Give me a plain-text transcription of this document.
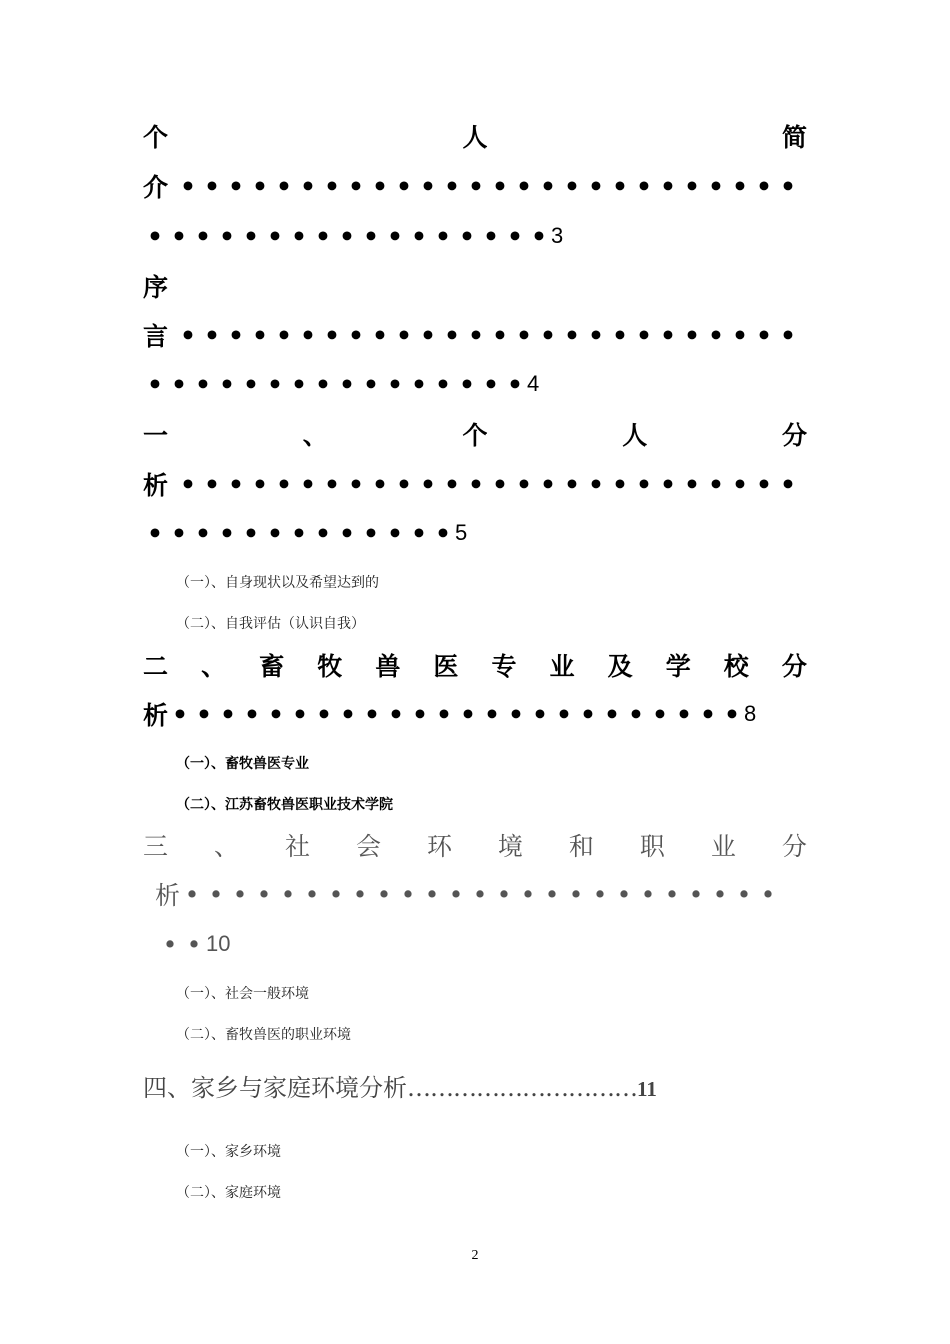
个	人	简
介 • • • • • • • • • • • • • • • • • • • • • • • • • •
• • • • • • • • • • • • • • • • • 3
序
言 • • • • • • • • • • • • • • • • • • • • • • • • • •
• • • • • • • • • • • • • • • • 4
一	、	个	人	分
析 • • • • • • • • • • • • • • • • • • • • • • • • • •
• • • • • • • • • • • • • 5
（一）、自身现状以及希望达到的
（二）、自我评估（认识自我）
二 、 畜 牧 兽 医 专 业 及 学 校 分
析 • • • • • • • • • • • • • • • • • • • • • • • • 8
（一）、畜牧兽医专业
（二）、江苏畜牧兽医职业技术学院
三 、 社 会 环 境 和 职 业 分
析 • • • • • • • • • • • • • • • • • • • • • • • • •
• • 10
（一）、社会一般环境
（二）、畜牧兽医的职业环境
四、家乡与家庭环境分析…………………………11
（一）、家乡环境
（二）、家庭环境
2
